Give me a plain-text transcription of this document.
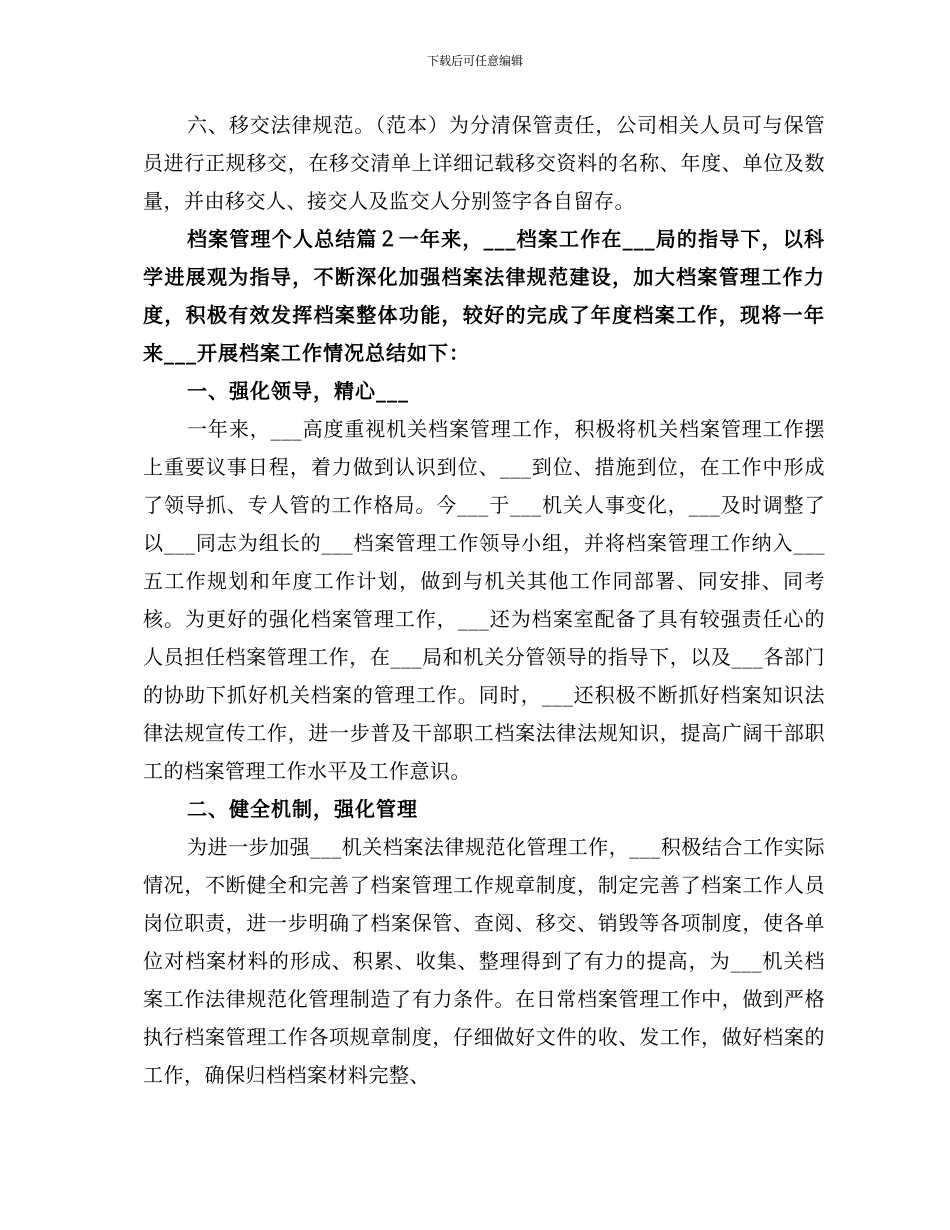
下载后可任意编辑

六、移交法律规范。（范本）为分清保管责任，公司相关人员可与保管员进行正规移交，在移交清单上详细记载移交资料的名称、年度、单位及数量，并由移交人、接交人及监交人分别签字各自留存。

档案管理个人总结篇２一年来，___档案工作在___局的指导下，以科学进展观为指导，不断深化加强档案法律规范建设，加大档案管理工作力度，积极有效发挥档案整体功能，较好的完成了年度档案工作，现将一年来___开展档案工作情况总结如下：

一、强化领导，精心___

一年来，___高度重视机关档案管理工作，积极将机关档案管理工作摆上重要议事日程，着力做到认识到位、___到位、措施到位，在工作中形成了领导抓、专人管的工作格局。今___于___机关人事变化，___及时调整了以___同志为组长的___档案管理工作领导小组，并将档案管理工作纳入___五工作规划和年度工作计划，做到与机关其他工作同部署、同安排、同考核。为更好的强化档案管理工作，___还为档案室配备了具有较强责任心的人员担任档案管理工作，在___局和机关分管领导的指导下，以及___各部门的协助下抓好机关档案的管理工作。同时，___还积极不断抓好档案知识法律法规宣传工作，进一步普及干部职工档案法律法规知识，提高广阔干部职工的档案管理工作水平及工作意识。

二、健全机制，强化管理

为进一步加强___机关档案法律规范化管理工作，___积极结合工作实际情况，不断健全和完善了档案管理工作规章制度，制定完善了档案工作人员岗位职责，进一步明确了档案保管、查阅、移交、销毁等各项制度，使各单位对档案材料的形成、积累、收集、整理得到了有力的提高，为___机关档案工作法律规范化管理制造了有力条件。在日常档案管理工作中，做到严格执行档案管理工作各项规章制度，仔细做好文件的收、发工作，做好档案的工作，确保归档档案材料完整、
